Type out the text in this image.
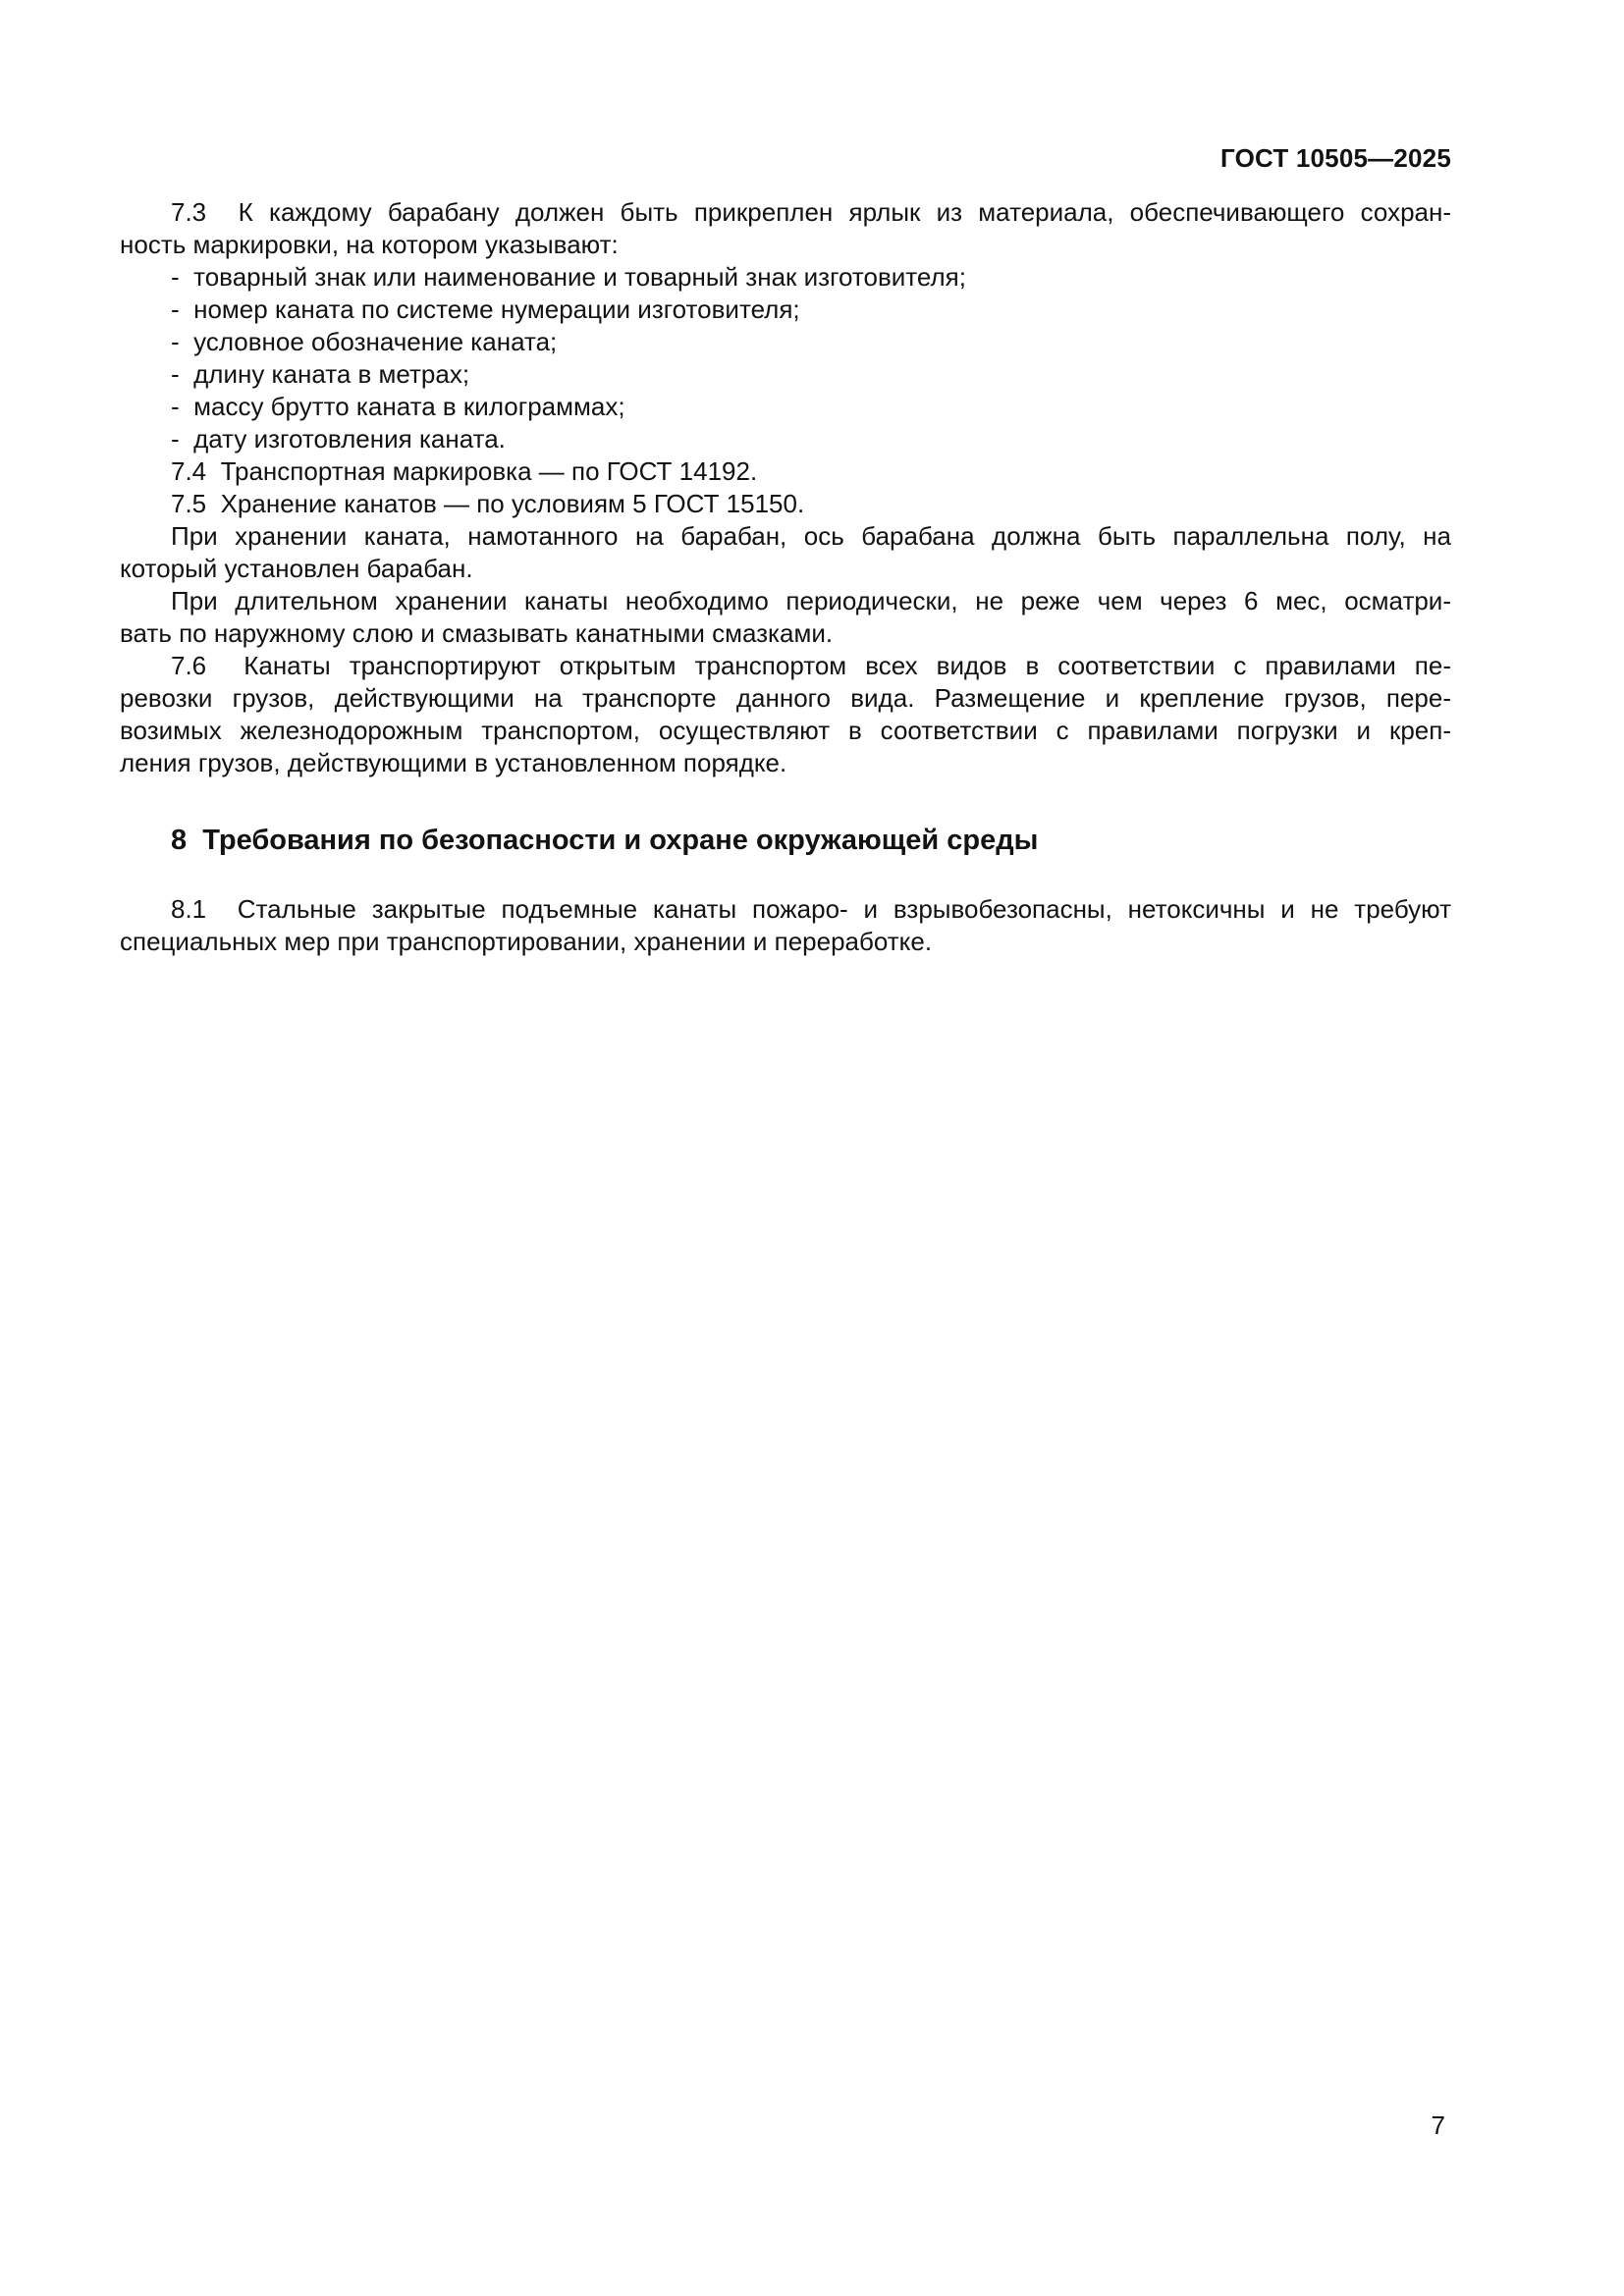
ГОСТ 10505—2025
7.3  К каждому барабану должен быть прикреплен ярлык из материала, обеспечивающего сохран-
ность маркировки, на котором указывают:
-  товарный знак или наименование и товарный знак изготовителя;
-  номер каната по системе нумерации изготовителя;
-  условное обозначение каната;
-  длину каната в метрах;
-  массу брутто каната в килограммах;
-  дату изготовления каната.
7.4  Транспортная маркировка — по ГОСТ 14192.
7.5  Хранение канатов — по условиям 5 ГОСТ 15150.
При хранении каната, намотанного на барабан, ось барабана должна быть параллельна полу, на
который установлен барабан.
При длительном хранении канаты необходимо периодически, не реже чем через 6 мес, осматри-
вать по наружному слою и смазывать канатными смазками.
7.6  Канаты транспортируют открытым транспортом всех видов в соответствии с правилами пе-
ревозки грузов, действующими на транспорте данного вида. Размещение и крепление грузов, пере-
возимых железнодорожным транспортом, осуществляют в соответствии с правилами погрузки и креп-
ления грузов, действующими в установленном порядке.
8  Требования по безопасности и охране окружающей среды
8.1  Стальные закрытые подъемные канаты пожаро- и взрывобезопасны, нетоксичны и не требуют
специальных мер при транспортировании, хранении и переработке.
7
